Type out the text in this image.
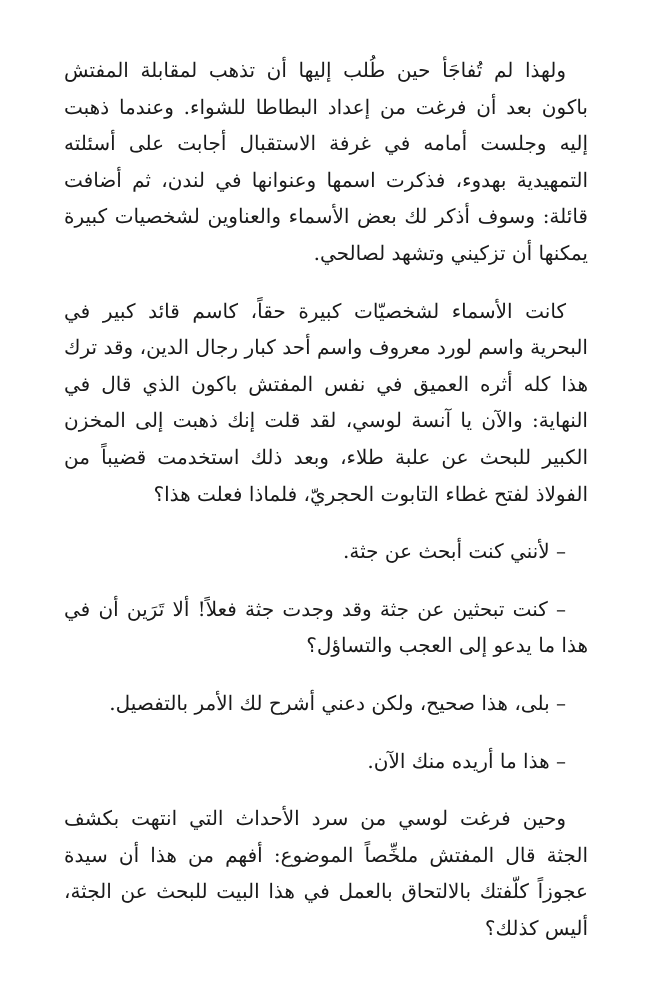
ولهذا لم تُفاجَأ حين طُلب إليها أن تذهب لمقابلة المفتش باكون بعد أن فرغت من إعداد البطاطا للشواء. وعندما ذهبت إليه وجلست أمامه في غرفة الاستقبال أجابت على أسئلته التمهيدية بهدوء، فذكرت اسمها وعنوانها في لندن، ثم أضافت قائلة: وسوف أذكر لك بعض الأسماء والعناوين لشخصيات كبيرة يمكنها أن تزكيني وتشهد لصالحي.

كانت الأسماء لشخصيّات كبيرة حقاً، كاسم قائد كبير في البحرية واسم لورد معروف واسم أحد كبار رجال الدين، وقد ترك هذا كله أثره العميق في نفس المفتش باكون الذي قال في النهاية: والآن يا آنسة لوسي، لقد قلت إنك ذهبت إلى المخزن الكبير للبحث عن علبة طلاء، وبعد ذلك استخدمت قضيباً من الفولاذ لفتح غطاء التابوت الحجريّ، فلماذا فعلت هذا؟

– لأنني كنت أبحث عن جثة.

– كنت تبحثين عن جثة وقد وجدت جثة فعلاً! ألا تَرَين أن في هذا ما يدعو إلى العجب والتساؤل؟

– بلى، هذا صحيح، ولكن دعني أشرح لك الأمر بالتفصيل.

– هذا ما أريده منك الآن.

وحين فرغت لوسي من سرد الأحداث التي انتهت بكشف الجثة قال المفتش ملخِّصاً الموضوع: أفهم من هذا أن سيدة عجوزاً كلّفتك بالالتحاق بالعمل في هذا البيت للبحث عن الجثة، أليس كذلك؟
